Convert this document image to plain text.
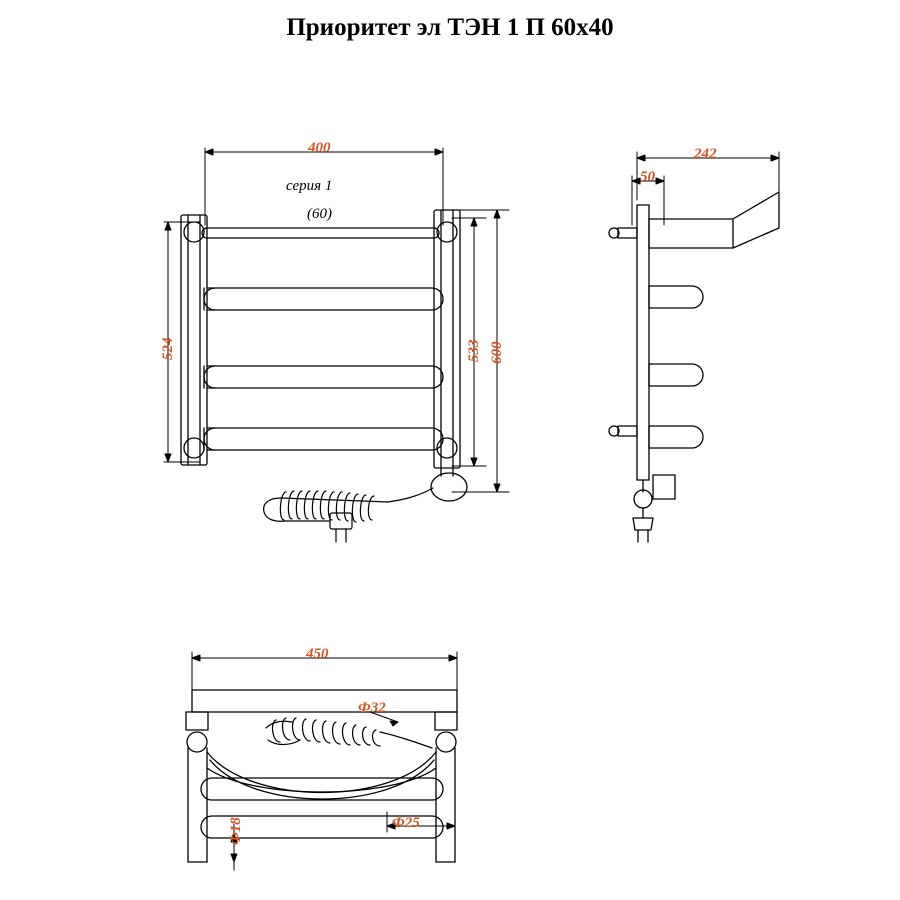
Приоритет эл ТЭН 1 П 60х40
серия 1
(60)
400
524	533 600
242
50
450
Ф32
Ф25
Ф18
